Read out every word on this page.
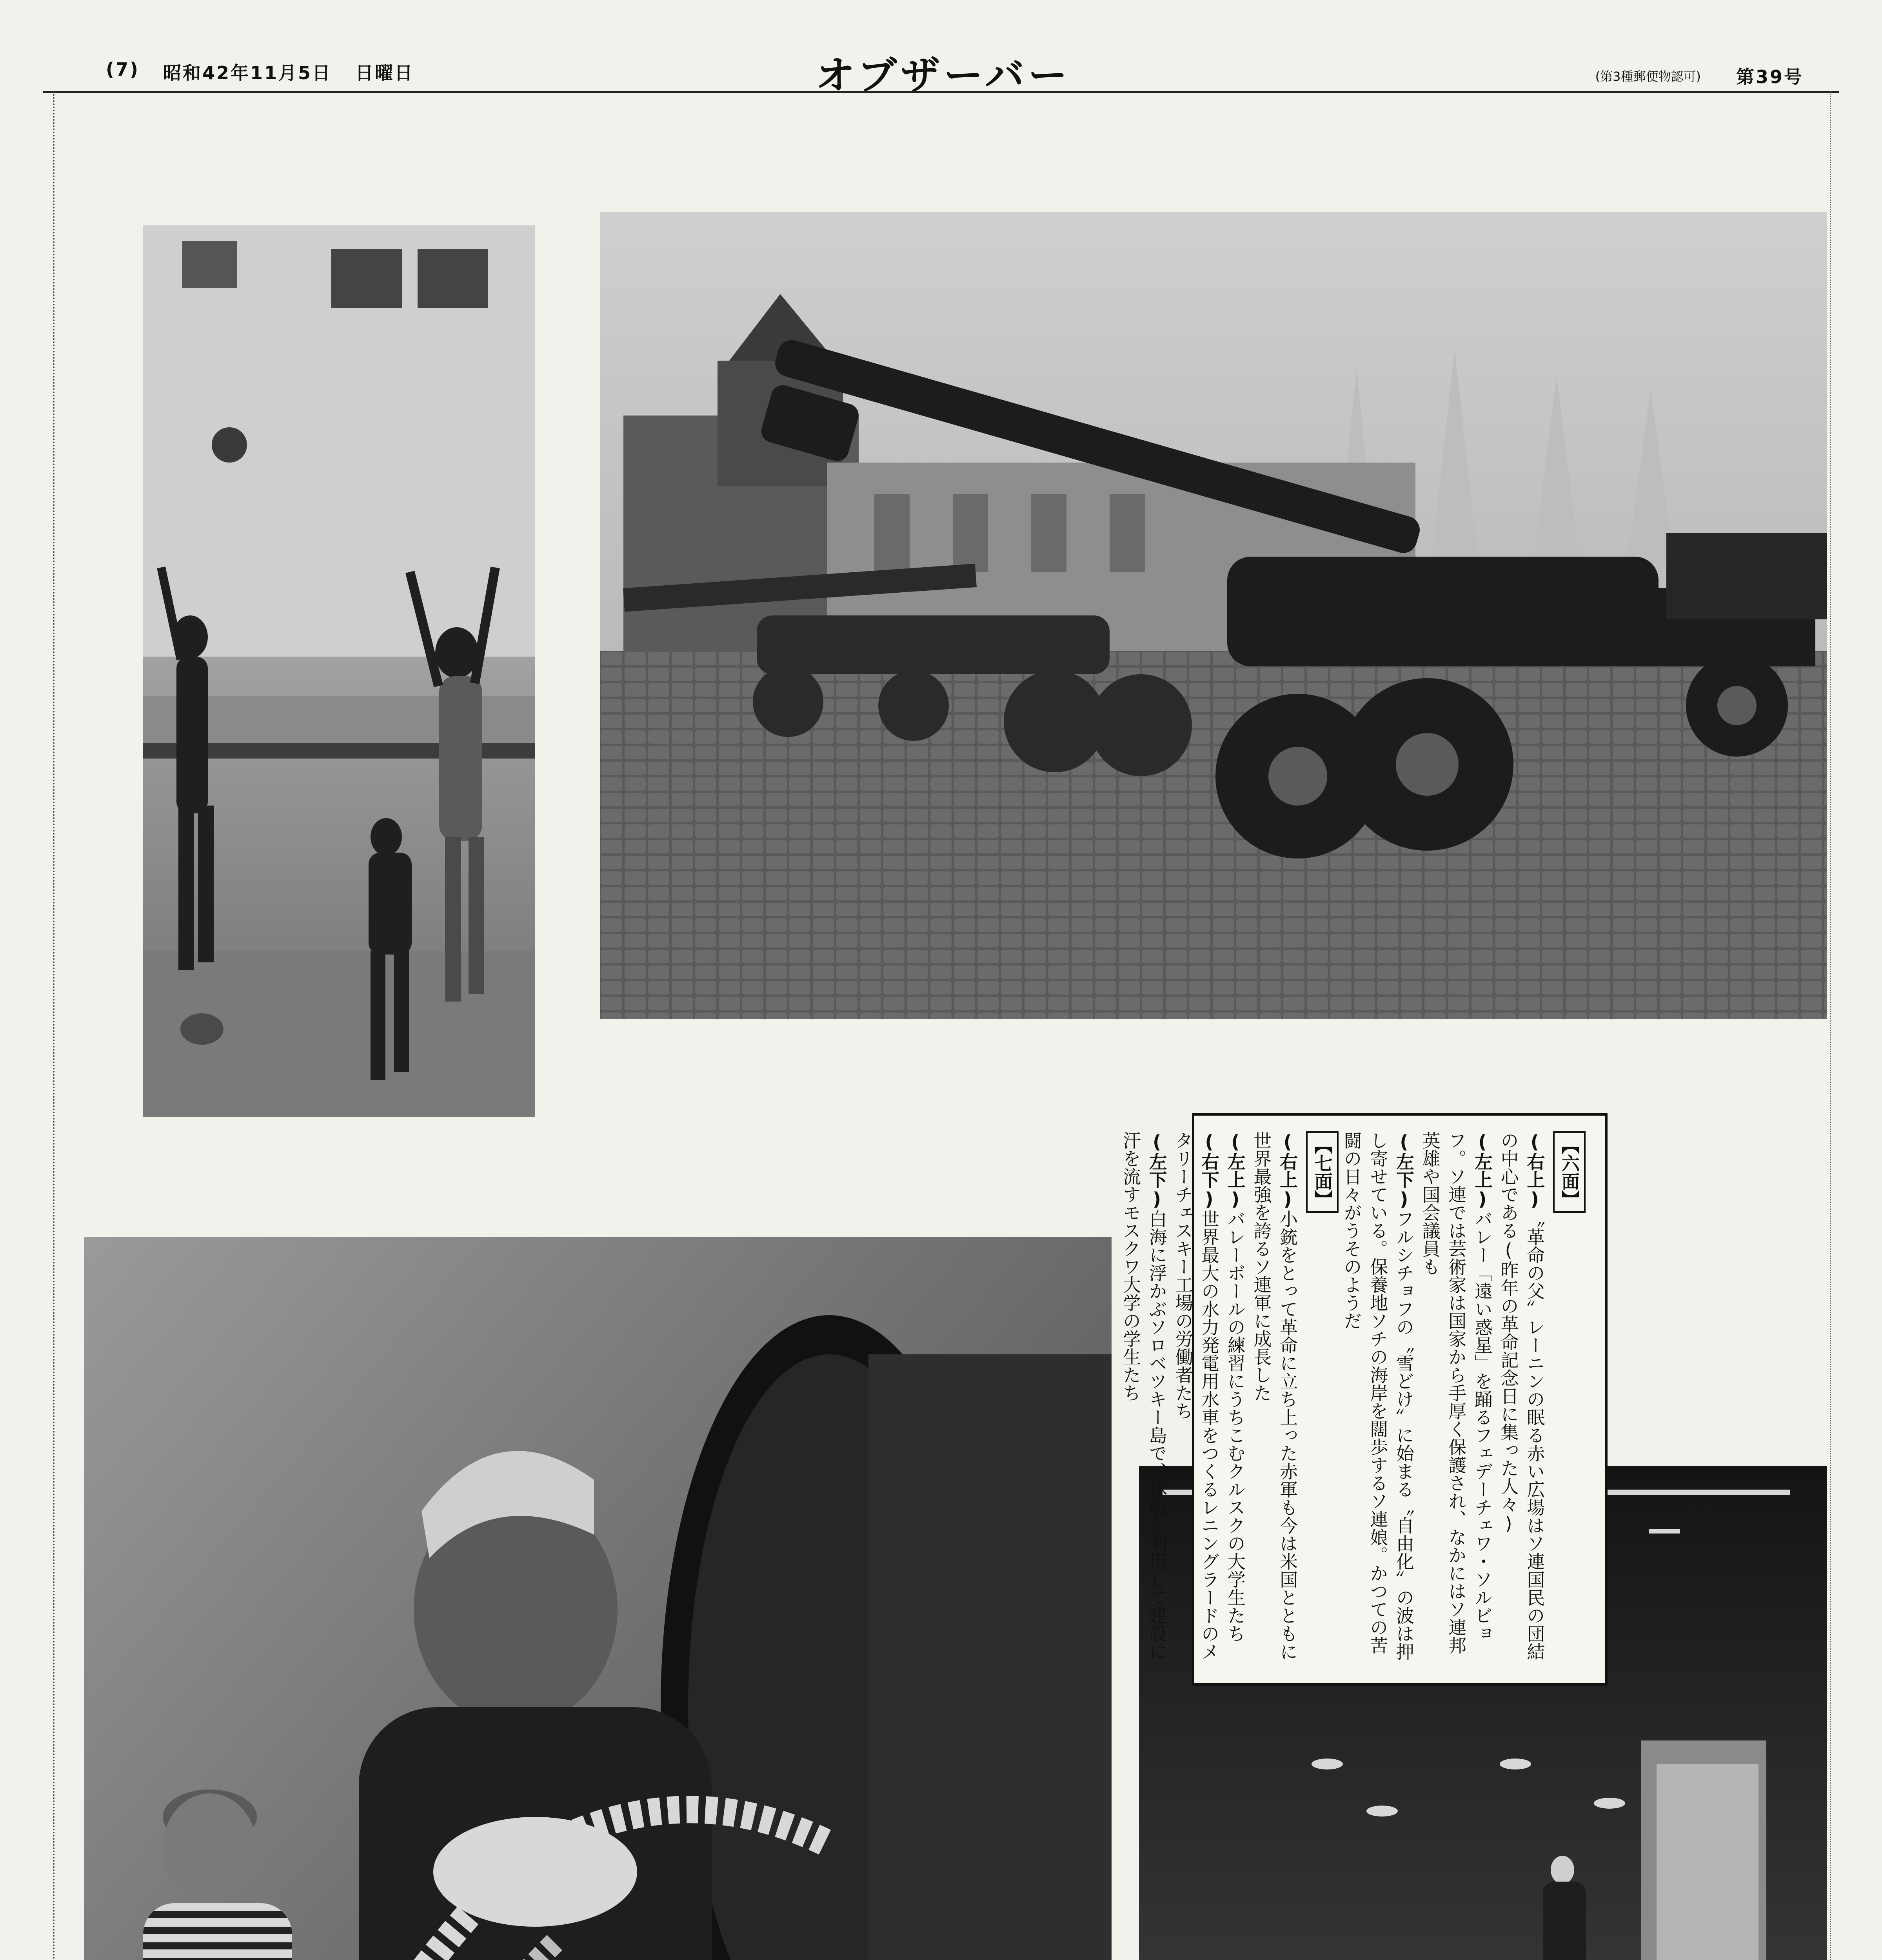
(7) 昭和42年11月5日 日曜日	オブザーバー	(第3種郵便物認可) 第39号
【六面】
(右上)〝革命の父〟レーニンの眠る赤い広場はソ連国民の団結の中心である(昨年の革命記念日に集った人々)
(左上)バレー「遠い惑星」を踊るフェデーチェワ・ソルビョフ。ソ連では芸術家は国家から手厚く保護され、なかにはソ連邦英雄や国会議員も
(左下)フルシチョフの〝雪どけ〟に始まる〝自由化〟の波は押し寄せている。保養地ソチの海岸を闊歩するソ連娘。かつての苦闘の日々がうそのようだ
【七面】
(右上)小銃をとって革命に立ち上った赤軍も今は米国とともに世界最強を誇るソ連軍に成長した
(左上)バレーボールの練習にうちこむクルスクの大学生たち
(右下)世界最大の水力発電用水車をつくるレニングラードのメタリーチェスキー工場の労働者たち
(左下)白海に浮かぶソロベツキー島で、休暇を利用して建設に汗を流すモスクワ大学の学生たち
